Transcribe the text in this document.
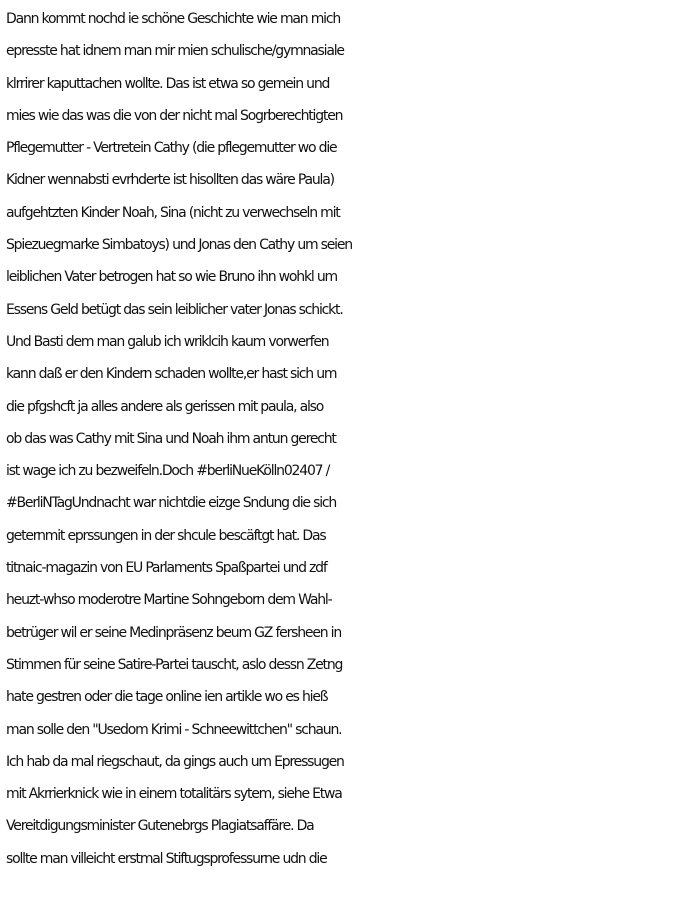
Dann kommt nochd ie schöne Geschichte wie man mich
epresste hat idnem man mir mien schulische/gymnasiale
klrrirer kaputtachen wollte. Das ist etwa so gemein und
mies wie das was die von der nicht mal Sogrberechtigten
Pflegemutter - Vertretein Cathy (die pflegemutter wo die
Kidner wennabsti evrhderte ist hisollten das wäre Paula)
aufgehtzten Kinder Noah, Sina (nicht zu verwechseln mit
Spiezuegmarke Simbatoys) und Jonas den Cathy um seien
leiblichen Vater betrogen hat so wie Bruno ihn wohkl um
Essens Geld betügt das sein leiblicher vater Jonas schickt.
Und Basti dem man galub ich wriklcih kaum vorwerfen
kann daß er den Kindern schaden wollte,er hast sich um
die pfgshcft ja alles andere als gerissen mit paula, also
ob das was Cathy mit Sina und Noah ihm antun gerecht
ist wage ich zu bezweifeln.Doch #berliNueKölln02407 /
#BerliNTagUndnacht war nichtdie eizge Sndung die sich
geternmit eprssungen in der shcule bescäftgt hat. Das
titnaic-magazin von EU Parlaments Spaßpartei und zdf
heuzt-whso moderotre Martine Sohngeborn dem Wahl-
betrüger wil er seine Medinpräsenz beum GZ fersheen in
Stimmen für seine Satire-Partei tauscht, aslo dessn Zetng
hate gestren oder die tage online ien artikle wo es hieß
man solle den "Usedom Krimi - Schneewittchen" schaun.
Ich hab da mal riegschaut, da gings auch um Epressugen
mit Akrrierknick wie in einem totalitärs sytem, siehe Etwa
Vereitdigungsminister Gutenebrgs Plagiatsaffäre. Da
sollte man villeicht erstmal Stiftugsprofessurne udn die
